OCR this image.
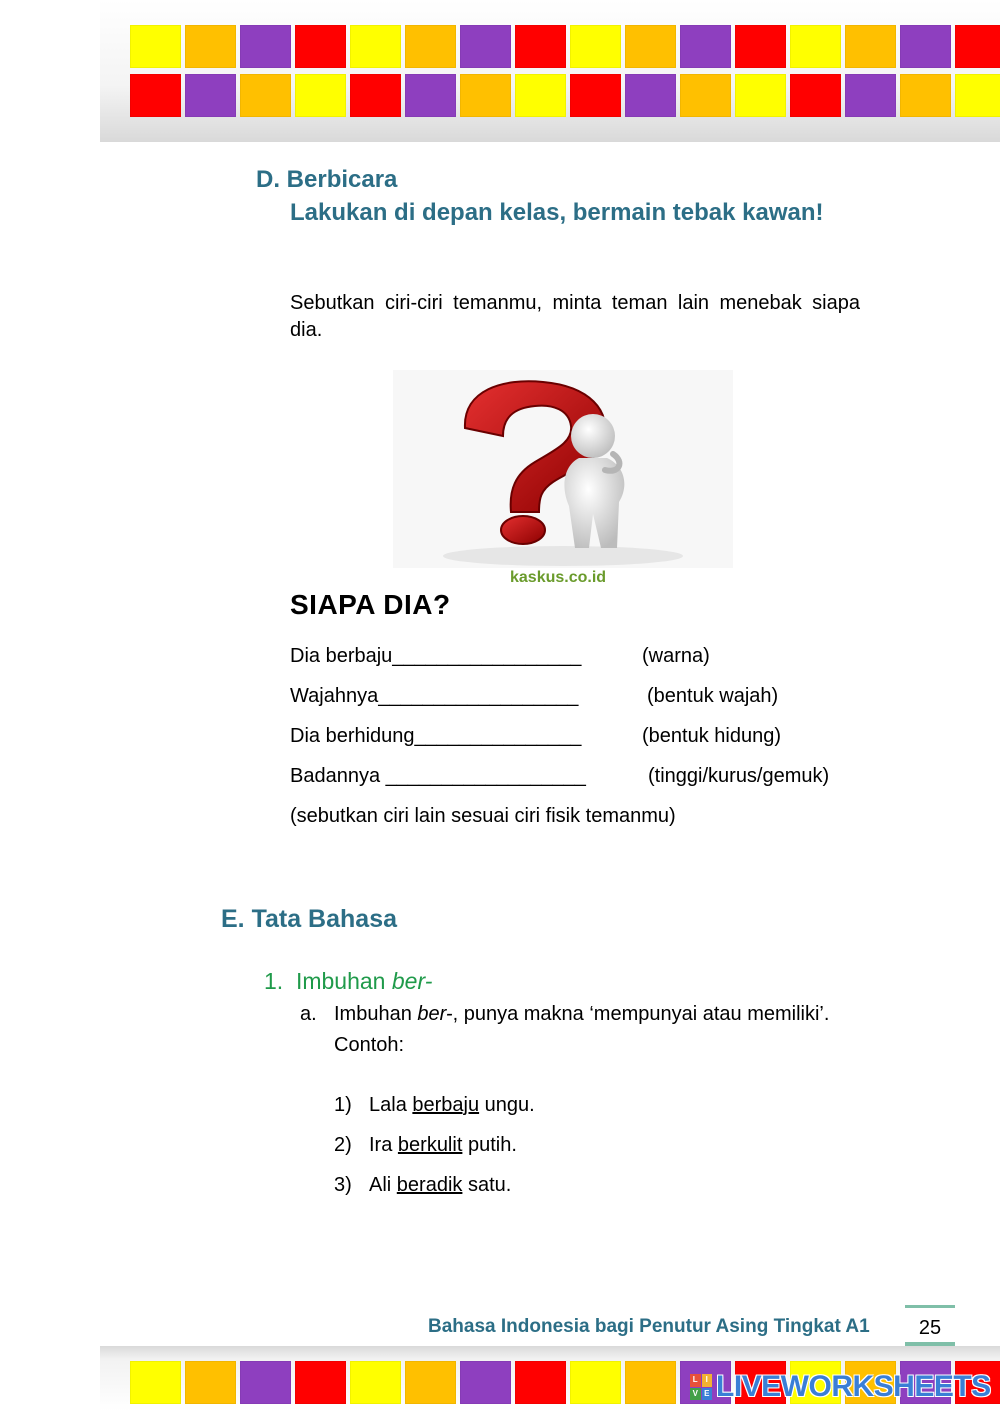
D. Berbicara
Lakukan di depan kelas, bermain tebak kawan!
Sebutkan ciri-ciri temanmu, minta teman lain menebak siapa dia.
kaskus.co.id
SIAPA DIA?
Dia berbaju_________________	(warna)
Wajahnya__________________	(bentuk wajah)
Dia berhidung_______________	(bentuk hidung)
Badannya __________________	(tinggi/kurus/gemuk)
(sebutkan ciri lain sesuai ciri fisik temanmu)
E. Tata Bahasa
1. Imbuhan ber-
a. Imbuhan ber-, punya makna ‘mempunyai atau memiliki’.
Contoh:
1) Lala berbaju ungu.
2) Ira berkulit putih.
3) Ali beradik satu.
Bahasa Indonesia bagi Penutur Asing Tingkat A1	25
L I
V E LIVEWORKSHEETS
